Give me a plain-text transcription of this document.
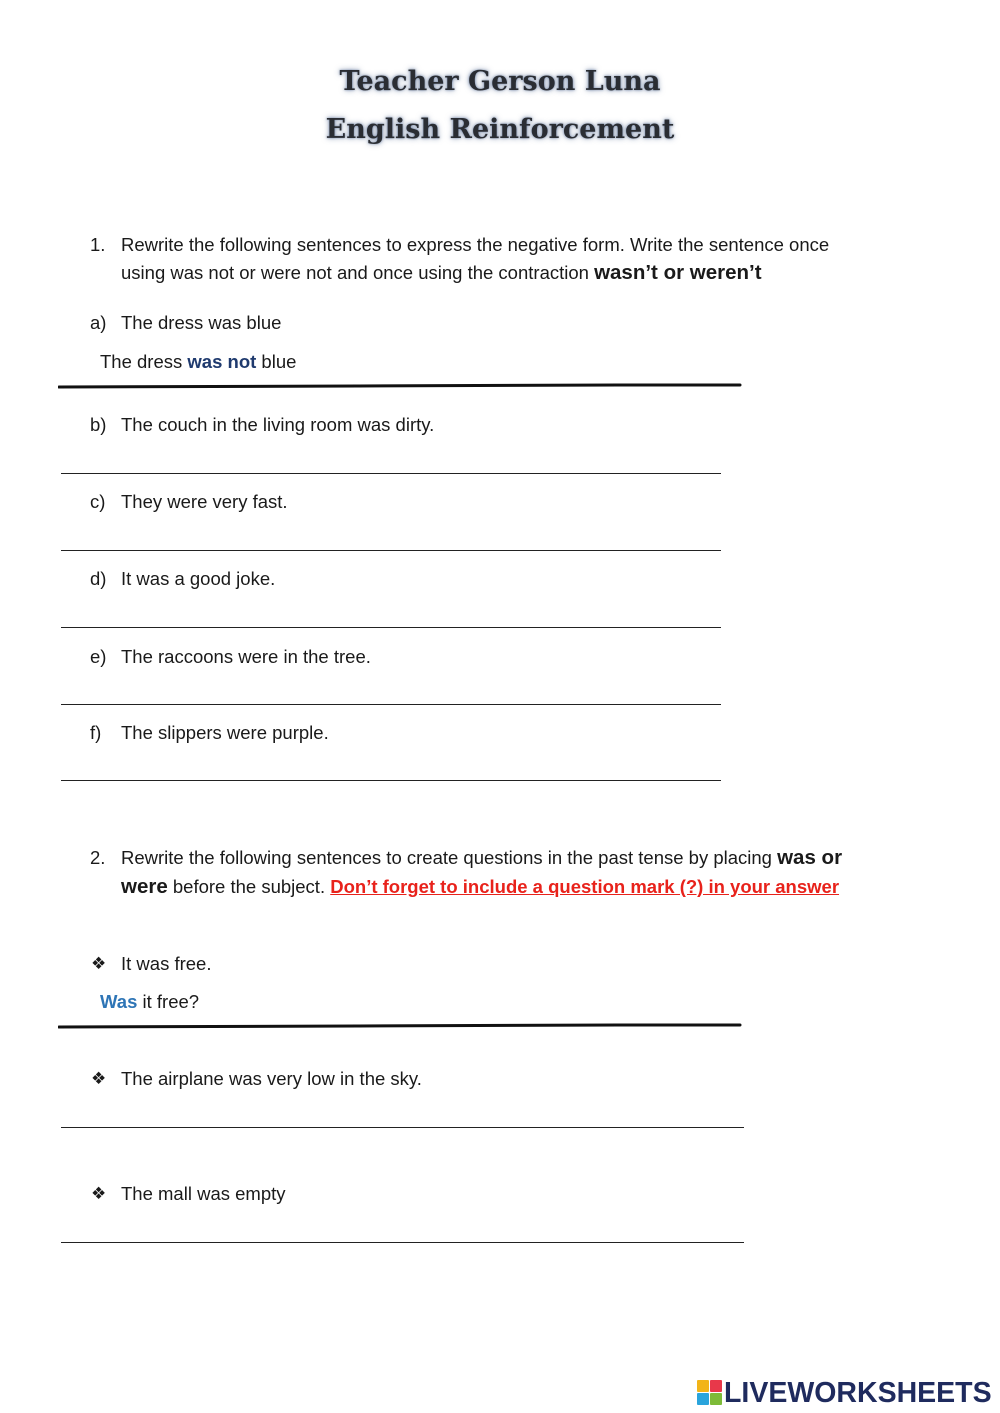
Teacher Gerson Luna
English Reinforcement
1. Rewrite the following sentences to express the negative form. Write the sentence once
using was not or were not and once using the contraction wasn’t or weren’t
a) The dress was blue
The dress was not blue
b) The couch in the living room was dirty.
c) They were very fast.
d) It was a good joke.
e) The raccoons were in the tree.
f) The slippers were purple.
2. Rewrite the following sentences to create questions in the past tense by placing was or
were before the subject. Don’t forget to include a question mark (?) in your answer
❖ It was free.
Was it free?
❖ The airplane was very low in the sky.
❖ The mall was empty
LIVEWORKSHEETS
